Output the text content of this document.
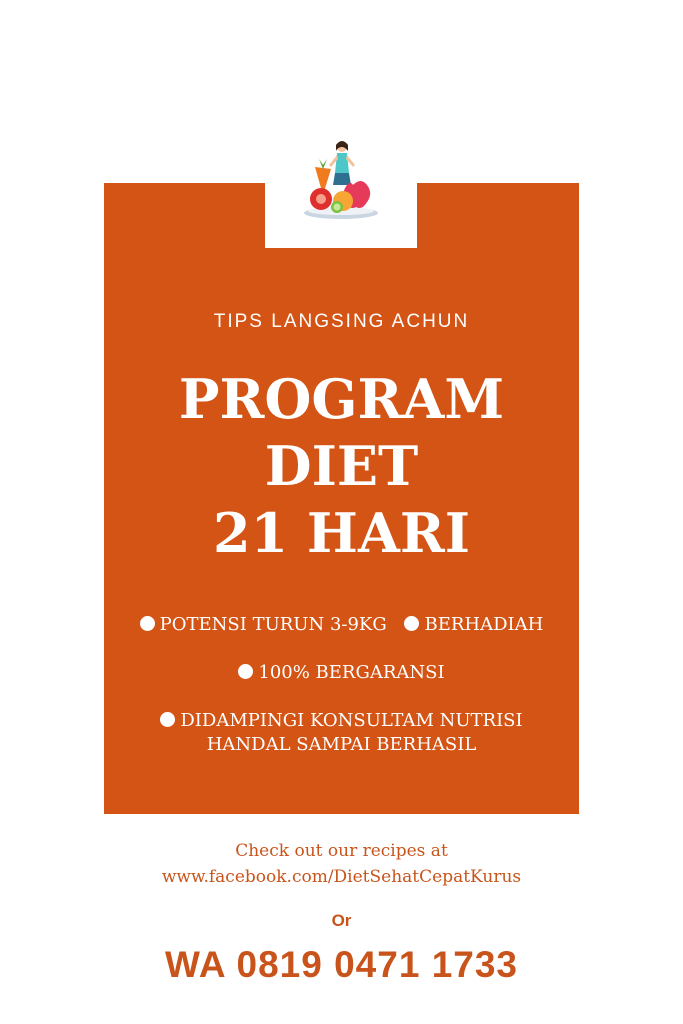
TIPS LANGSING ACHUN
PROGRAM
DIET
21 HARI
POTENSI TURUN 3-9KG BERHADIAH
100% BERGARANSI
DIDAMPINGI KONSULTAM NUTRISI
HANDAL SAMPAI BERHASIL
Check out our recipes at
www.facebook.com/DietSehatCepatKurus
Or
WA 0819 0471 1733
